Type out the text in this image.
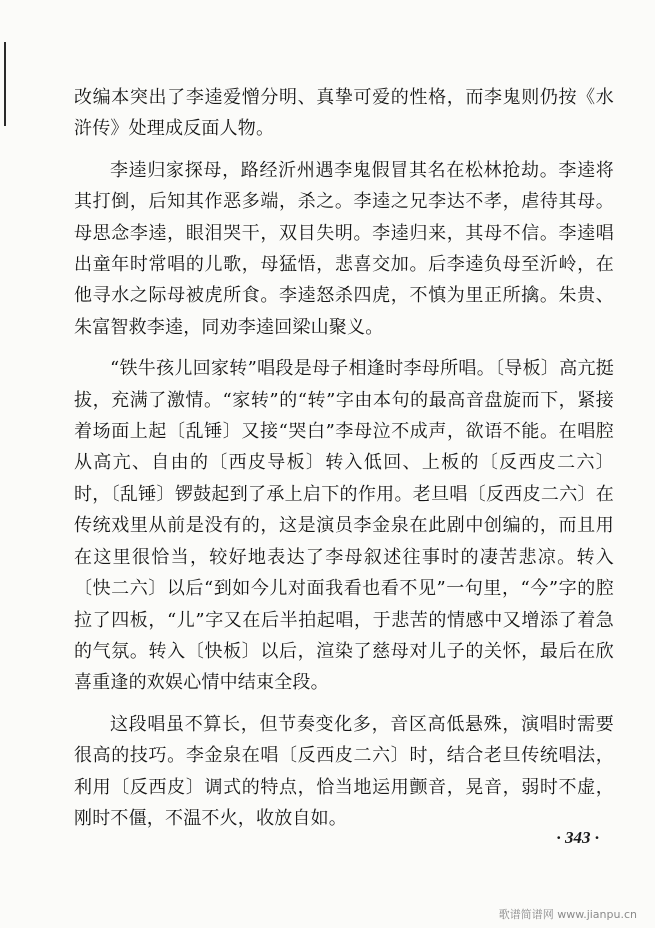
改编本突出了李逵爱憎分明、真挚可爱的性格，而李鬼则仍按《水浒传》处理成反面人物。

李逵归家探母，路经沂州遇李鬼假冒其名在松林抢劫。李逵将其打倒，后知其作恶多端，杀之。李逵之兄李达不孝，虐待其母。母思念李逵，眼泪哭干，双目失明。李逵归来，其母不信。李逵唱出童年时常唱的儿歌，母猛悟，悲喜交加。后李逵负母至沂岭，在他寻水之际母被虎所食。李逵怒杀四虎，不慎为里正所擒。朱贵、朱富智救李逵，同劝李逵回梁山聚义。

“铁牛孩儿回家转”唱段是母子相逢时李母所唱。〔导板〕高亢挺拔，充满了激情。“家转”的“转”字由本句的最高音盘旋而下，紧接着场面上起〔乱锤〕又接“哭白”李母泣不成声，欲语不能。在唱腔从高亢、自由的〔西皮导板〕转入低回、上板的〔反西皮二六〕时，〔乱锤〕锣鼓起到了承上启下的作用。老旦唱〔反西皮二六〕在传统戏里从前是没有的，这是演员李金泉在此剧中创编的，而且用在这里很恰当，较好地表达了李母叙述往事时的凄苦悲凉。转入〔快二六〕以后“到如今儿对面我看也看不见”一句里，“今”字的腔拉了四板，“儿”字又在后半拍起唱，于悲苦的情感中又增添了着急的气氛。转入〔快板〕以后，渲染了慈母对儿子的关怀，最后在欣喜重逢的欢娱心情中结束全段。

这段唱虽不算长，但节奏变化多，音区高低悬殊，演唱时需要很高的技巧。李金泉在唱〔反西皮二六〕时，结合老旦传统唱法，利用〔反西皮〕调式的特点，恰当地运用颤音，晃音，弱时不虚，刚时不僵，不温不火，收放自如。

· 343 ·
歌谱简谱网 www.jianpu.cn
